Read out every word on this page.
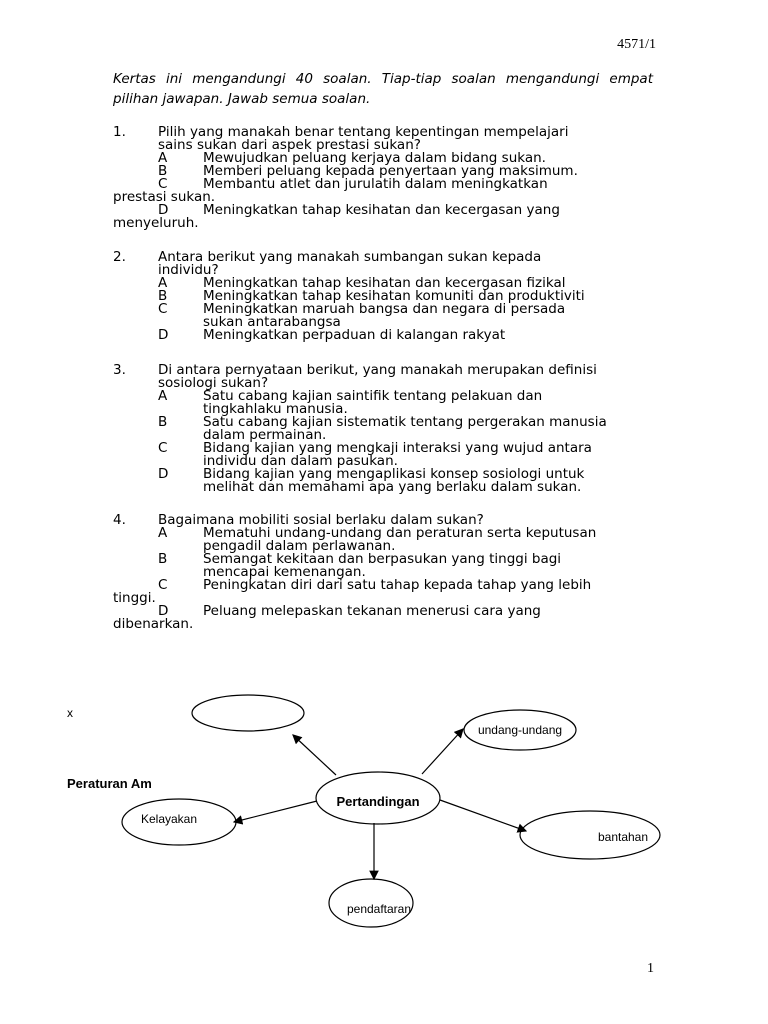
4571/1
Kertas ini mengandungi 40 soalan. Tiap-tiap soalan mengandungi empat pilihan jawapan. Jawab semua soalan.
1. Pilih yang manakah benar tentang kepentingan mempelajari
sains sukan dari aspek prestasi sukan?
A	Mewujudkan peluang kerjaya dalam bidang sukan.
B	Memberi peluang kepada penyertaan yang maksimum.
C	Membantu atlet dan jurulatih dalam meningkatkan
prestasi sukan.
D	Meningkatkan tahap kesihatan dan kecergasan yang
menyeluruh.
2. Antara berikut yang manakah sumbangan sukan kepada
individu?
A	Meningkatkan tahap kesihatan dan kecergasan fizikal
B	Meningkatkan tahap kesihatan komuniti dan produktiviti
C	Meningkatkan maruah bangsa dan negara di persada
sukan antarabangsa
D	Meningkatkan perpaduan di kalangan rakyat
3. Di antara pernyataan berikut, yang manakah merupakan definisi
sosiologi sukan?
A	Satu cabang kajian saintifik tentang pelakuan dan
tingkahlaku manusia.
B	Satu cabang kajian sistematik tentang pergerakan manusia
dalam permainan.
C	Bidang kajian yang mengkaji interaksi yang wujud antara
individu dan dalam pasukan.
D	Bidang kajian yang mengaplikasi konsep sosiologi untuk
melihat dan memahami apa yang berlaku dalam sukan.
4. Bagaimana mobiliti sosial berlaku dalam sukan?
A	Mematuhi undang-undang dan peraturan serta keputusan
pengadil dalam perlawanan.
B	Semangat kekitaan dan berpasukan yang tinggi bagi
mencapai kemenangan.
C	Peningkatan diri dari satu tahap kepada tahap yang lebih
tinggi.
D	Peluang melepaskan tekanan menerusi cara yang
dibenarkan.
x
Peraturan Am
Pertandingan
undang-undang
Kelayakan
bantahan
pendaftaran
1
